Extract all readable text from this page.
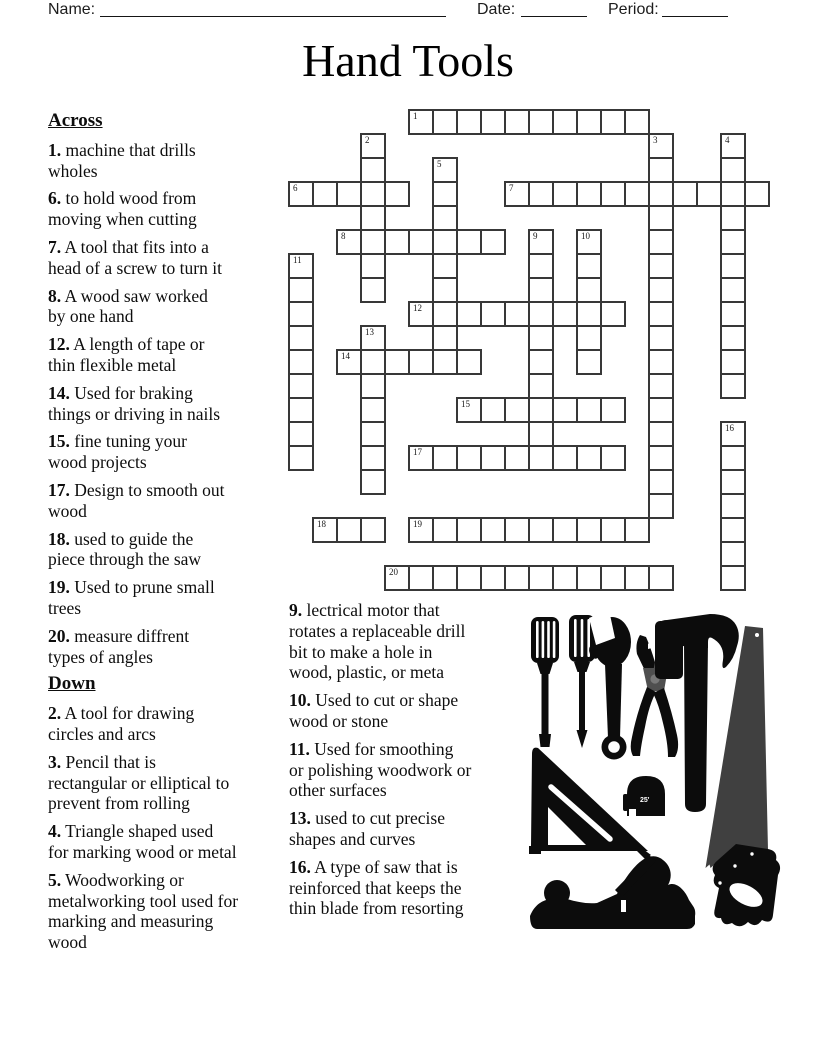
Name:	Date:	Period:
Hand Tools
1
2	3	4
5
6	7
8	9	10
11
12
13
14
15
16
17
18	19
20

Across

1. machine that drills
wholes

6. to hold wood from
moving when cutting

7. A tool that fits into a
head of a screw to turn it

8. A wood saw worked
by one hand

12. A length of tape or
thin flexible metal

14. Used for braking
things or driving in nails

15. fine tuning your
wood projects

17. Design to smooth out
wood

18. used to guide the
piece through the saw

19. Used to prune small
trees

20. measure diffrent
types of angles

Down

2. A tool for drawing
circles and arcs

3. Pencil that is
rectangular or elliptical to
prevent from rolling

4. Triangle shaped used
for marking wood or metal

5. Woodworking or
metalworking tool used for
marking and measuring
wood

9. lectrical motor that
rotates a replaceable drill
bit to make a hole in
wood, plastic, or meta

10. Used to cut or shape
wood or stone

11. Used for smoothing
or polishing woodwork or
other surfaces

13. used to cut precise
shapes and curves

16. A type of saw that is
reinforced that keeps the
thin blade from resorting

25'
